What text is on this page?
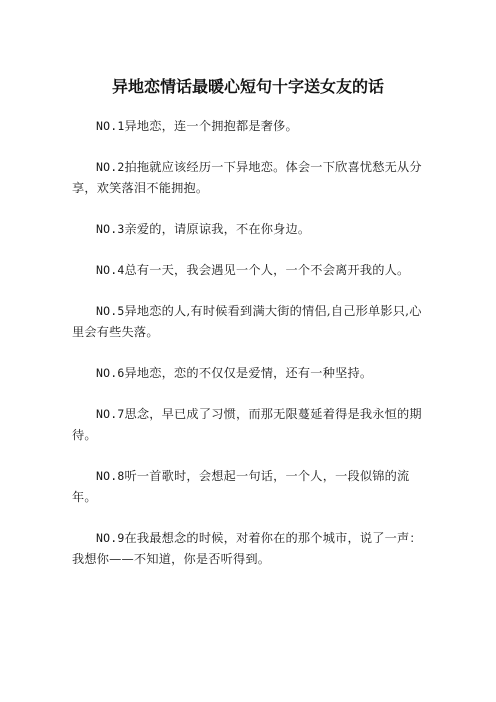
异地恋情话最暖心短句十字送女友的话

NO.1异地恋，连一个拥抱都是奢侈。

NO.2拍拖就应该经历一下异地恋。体会一下欣喜忧愁无从分享，欢笑落泪不能拥抱。

NO.3亲爱的，请原谅我，不在你身边。

NO.4总有一天，我会遇见一个人，一个不会离开我的人。

NO.5异地恋的人,有时候看到满大街的情侣,自己形单影只,心里会有些失落。

NO.6异地恋，恋的不仅仅是爱情，还有一种坚持。

NO.7思念，早已成了习惯，而那无限蔓延着得是我永恒的期待。

NO.8听一首歌时，会想起一句话，一个人，一段似锦的流年。

NO.9在我最想念的时候，对着你在的那个城市，说了一声：我想你——不知道，你是否听得到。
